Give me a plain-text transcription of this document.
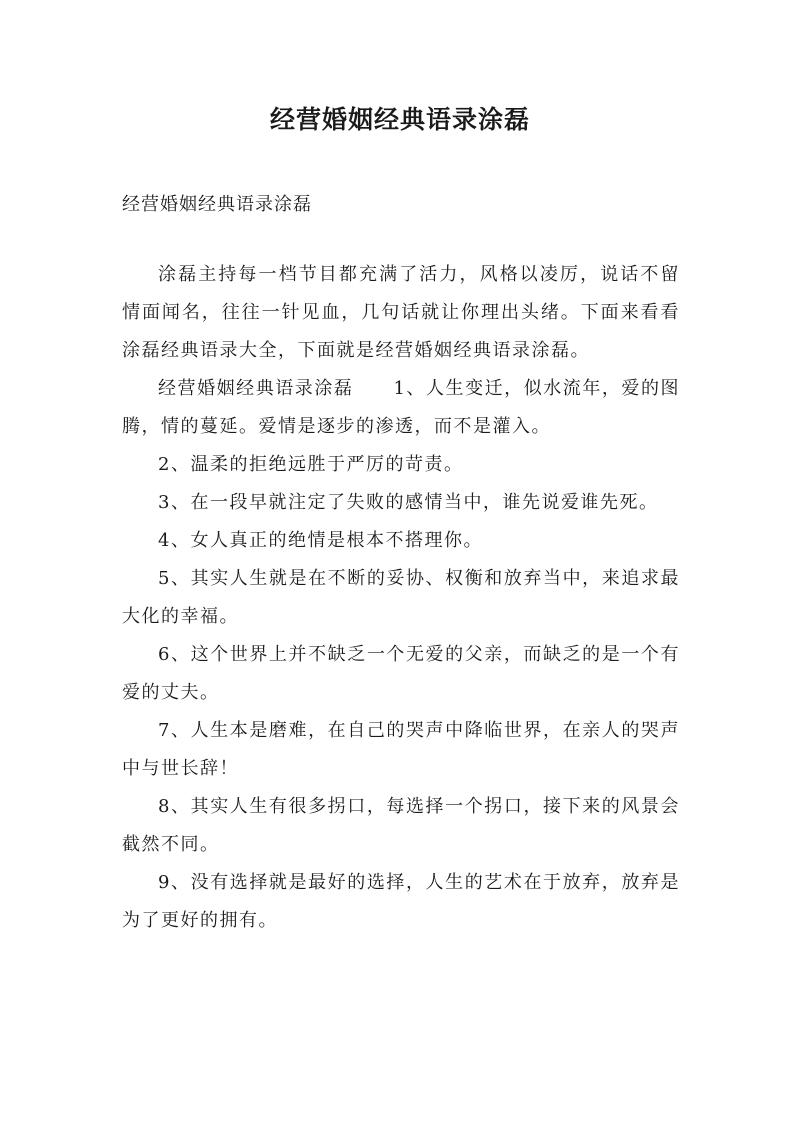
经营婚姻经典语录涂磊

经营婚姻经典语录涂磊

涂磊主持每一档节目都充满了活力，风格以凌厉，说话不留情面闻名，往往一针见血，几句话就让你理出头绪。下面来看看涂磊经典语录大全，下面就是经营婚姻经典语录涂磊。

经营婚姻经典语录涂磊 1、人生变迁，似水流年，爱的图腾，情的蔓延。爱情是逐步的渗透，而不是灌入。

2、温柔的拒绝远胜于严厉的苛责。

3、在一段早就注定了失败的感情当中，谁先说爱谁先死。

4、女人真正的绝情是根本不搭理你。

5、其实人生就是在不断的妥协、权衡和放弃当中，来追求最大化的幸福。

6、这个世界上并不缺乏一个无爱的父亲，而缺乏的是一个有爱的丈夫。

7、人生本是磨难，在自己的哭声中降临世界，在亲人的哭声中与世长辞！

8、其实人生有很多拐口，每选择一个拐口，接下来的风景会截然不同。

9、没有选择就是最好的选择，人生的艺术在于放弃，放弃是为了更好的拥有。
